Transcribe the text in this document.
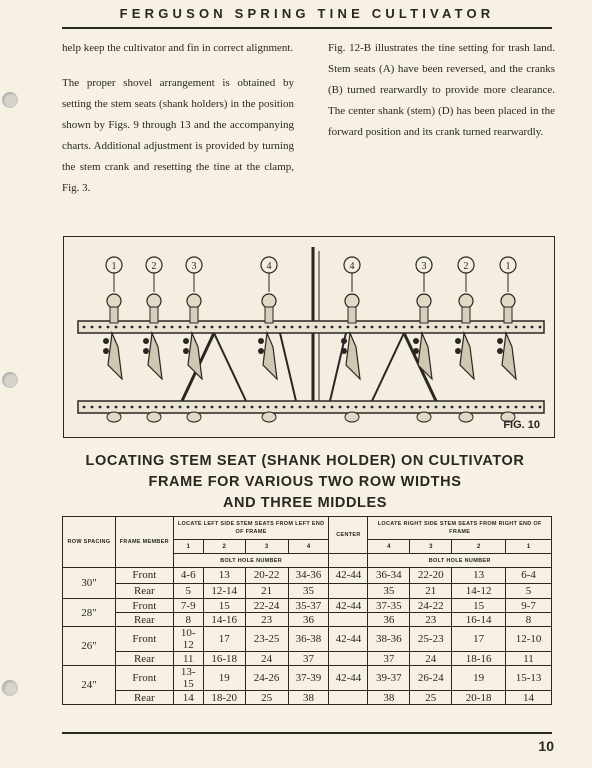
FERGUSON SPRING TINE CULTIVATOR

help keep the cultivator and fin in correct alignment.

The proper shovel arrangement is obtained by setting the stem seats (shank holders) in the position shown by Figs. 9 through 13 and the accompanying charts. Additional adjustment is provided by turning the stem crank and resetting the tine at the clamp, Fig. 3.

Fig. 12-B illustrates the tine setting for trash land. Stem seats (A) have been reversed, and the cranks (B) turned rearwardly to provide more clearance. The center shank (stem) (D) has been placed in the forward position and its crank turned rearwardly.

1	2	3	4	4	3	2	1
FIG. 10
LOCATING STEM SEAT (SHANK HOLDER) ON CULTIVATOR
FRAME FOR VARIOUS TWO ROW WIDTHS
AND THREE MIDDLES
ROW SPACING	FRAME MEMBER	LOCATE LEFT SIDE STEM SEATS FROM LEFT END OF FRAME				CENTER	LOCATE RIGHT SIDE STEM SEATS FROM RIGHT END OF FRAME			
		1	2	3	4		4	3	2	1
		BOLT HOLE NUMBER					BOLT HOLE NUMBER			
30"	Front	4-6	13	20-22	34-36	42-44	36-34	22-20	13	6-4
	Rear	5	12-14	21	35		35	21	14-12	5
28"	Front	7-9	15	22-24	35-37	42-44	37-35	24-22	15	9-7
	Rear	8	14-16	23	36		36	23	16-14	8
26"	Front	10-12	17	23-25	36-38	42-44	38-36	25-23	17	12-10
	Rear	11	16-18	24	37		37	24	18-16	11
24"	Front	13-15	19	24-26	37-39	42-44	39-37	26-24	19	15-13
	Rear	14	18-20	25	38		38	25	20-18	14
10
